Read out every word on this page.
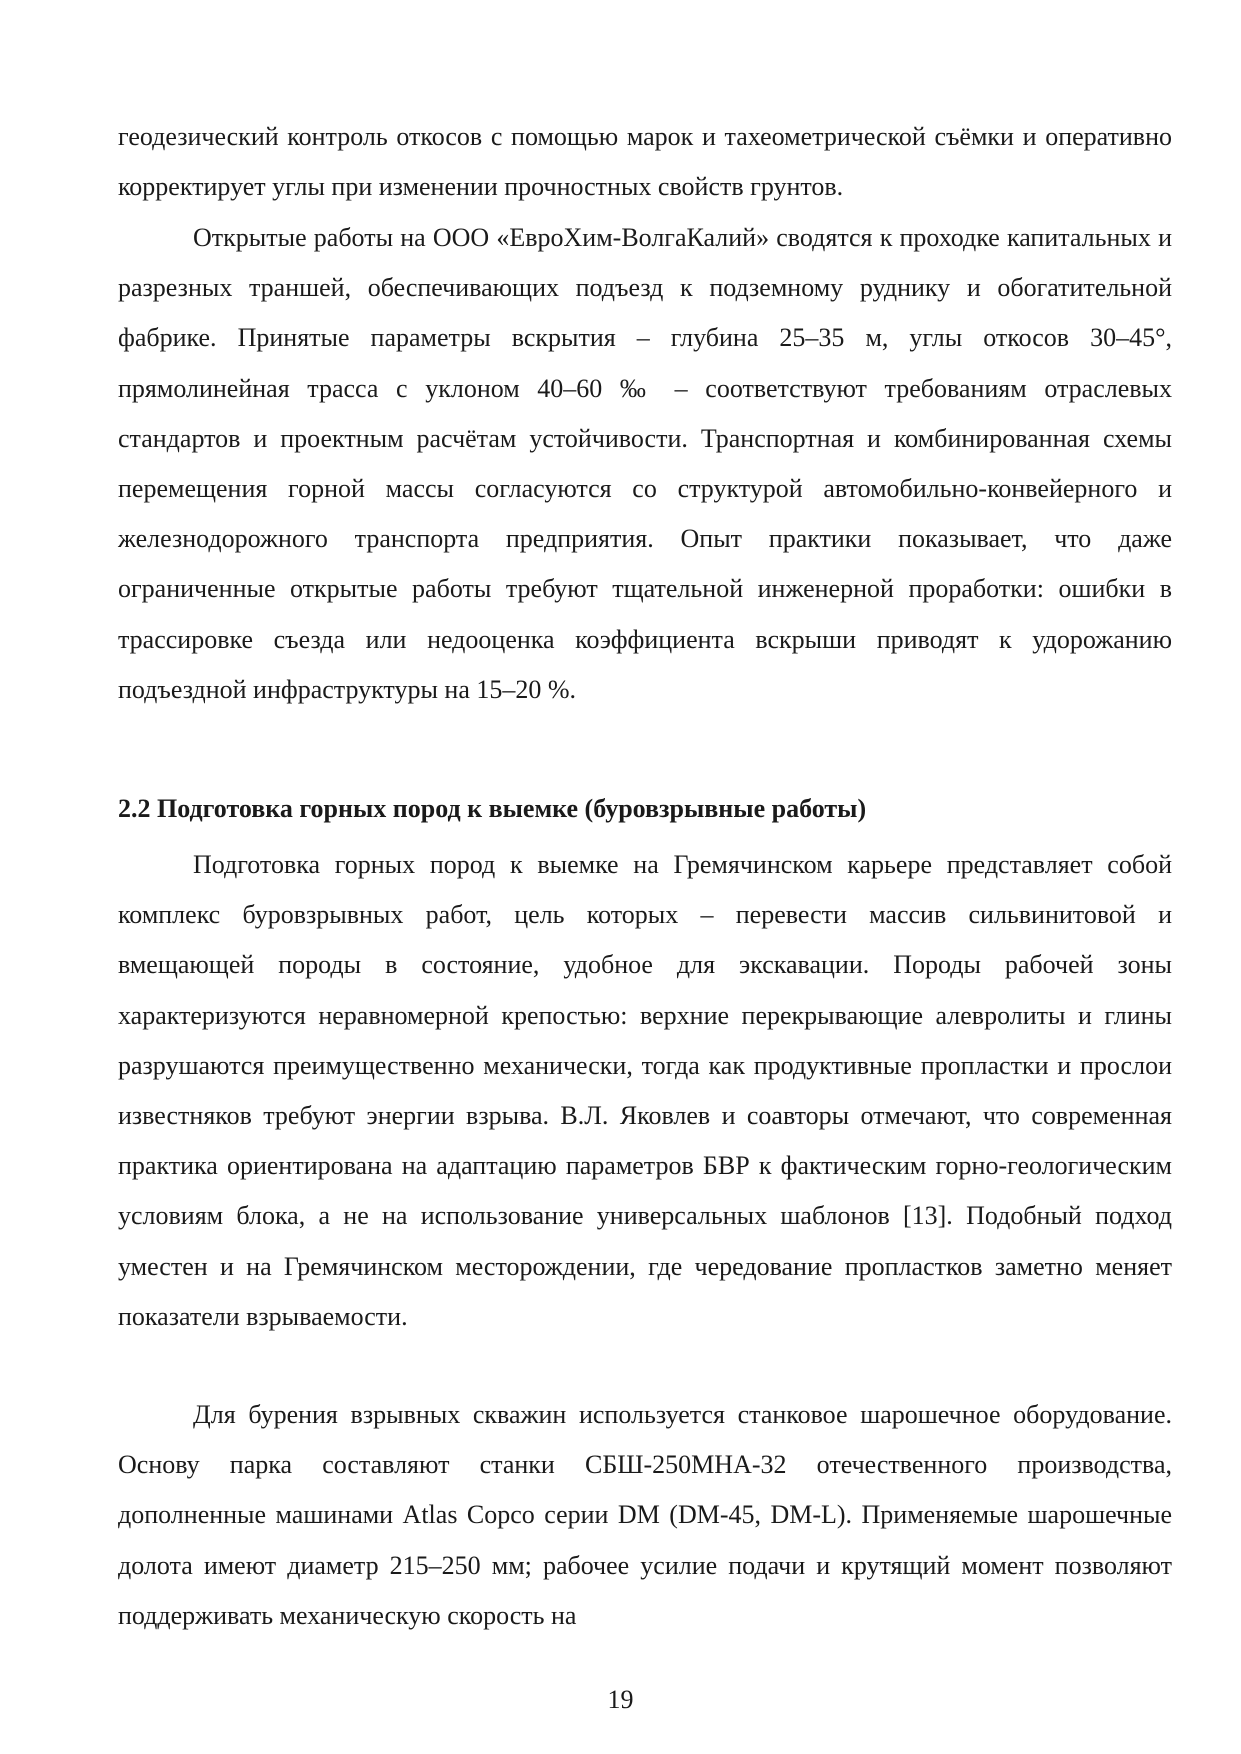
геодезический контроль откосов с помощью марок и тахеометрической съёмки и оперативно корректирует углы при изменении прочностных свойств грунтов.

Открытые работы на ООО «ЕвроХим-ВолгаКалий» сводятся к проходке капитальных и разрезных траншей, обеспечивающих подъезд к подземному руднику и обогатительной фабрике. Принятые параметры вскрытия – глубина 25–35 м, углы откосов 30–45°, прямолинейная трасса с уклоном 40–60 ‰ – соответствуют требованиям отраслевых стандартов и проектным расчётам устойчивости. Транспортная и комбинированная схемы перемещения горной массы согласуются со структурой автомобильно-конвейерного и железнодорожного транспорта предприятия. Опыт практики показывает, что даже ограниченные открытые работы требуют тщательной инженерной проработки: ошибки в трассировке съезда или недооценка коэффициента вскрыши приводят к удорожанию подъездной инфраструктуры на 15–20 %.

2.2 Подготовка горных пород к выемке (буровзрывные работы)

Подготовка горных пород к выемке на Гремячинском карьере представляет собой комплекс буровзрывных работ, цель которых – перевести массив сильвинитовой и вмещающей породы в состояние, удобное для экскавации. Породы рабочей зоны характеризуются неравномерной крепостью: верхние перекрывающие алевролиты и глины разрушаются преимущественно механически, тогда как продуктивные пропластки и прослои известняков требуют энергии взрыва. В.Л. Яковлев и соавторы отмечают, что современная практика ориентирована на адаптацию параметров БВР к фактическим горно-геологическим условиям блока, а не на использование универсальных шаблонов [13]. Подобный подход уместен и на Гремячинском месторождении, где чередование пропластков заметно меняет показатели взрываемости.

Для бурения взрывных скважин используется станковое шарошечное оборудование. Основу парка составляют станки СБШ-250МНА-32 отечественного производства, дополненные машинами Atlas Copco серии DM (DM-45, DM-L). Применяемые шарошечные долота имеют диаметр 215–250 мм; рабочее усилие подачи и крутящий момент позволяют поддерживать механическую скорость на

19
